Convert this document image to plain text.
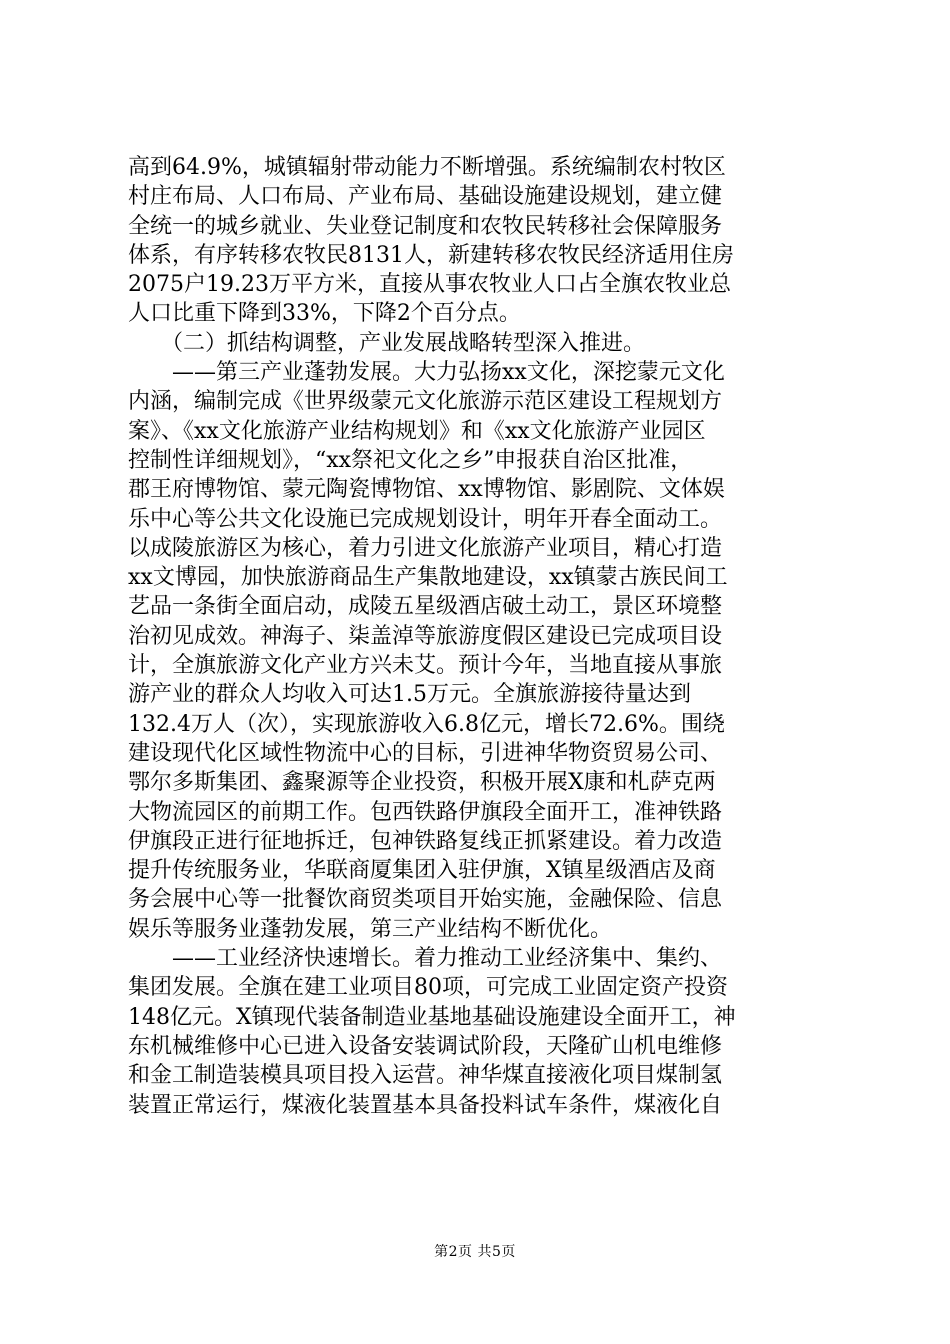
高到64.9%，城镇辐射带动能力不断增强。系统编制农村牧区
村庄布局、人口布局、产业布局、基础设施建设规划，建立健
全统一的城乡就业、失业登记制度和农牧民转移社会保障服务
体系，有序转移农牧民8131人，新建转移农牧民经济适用住房
2075户19.23万平方米，直接从事农牧业人口占全旗农牧业总
人口比重下降到33%，下降2个百分点。
　　（二）抓结构调整，产业发展战略转型深入推进。
　　——第三产业蓬勃发展。大力弘扬xx文化，深挖蒙元文化
内涵，编制完成《世界级蒙元文化旅游示范区建设工程规划方
案》、《xx文化旅游产业结构规划》和《xx文化旅游产业园区
控制性详细规划》，“xx祭祀文化之乡”申报获自治区批准，
郡王府博物馆、蒙元陶瓷博物馆、xx博物馆、影剧院、文体娱
乐中心等公共文化设施已完成规划设计，明年开春全面动工。
以成陵旅游区为核心，着力引进文化旅游产业项目，精心打造
xx文博园，加快旅游商品生产集散地建设，xx镇蒙古族民间工
艺品一条街全面启动，成陵五星级酒店破土动工，景区环境整
治初见成效。神海子、柒盖淖等旅游度假区建设已完成项目设
计，全旗旅游文化产业方兴未艾。预计今年，当地直接从事旅
游产业的群众人均收入可达1.5万元。全旗旅游接待量达到
132.4万人（次），实现旅游收入6.8亿元，增长72.6%。围绕
建设现代化区域性物流中心的目标，引进神华物资贸易公司、
鄂尔多斯集团、鑫聚源等企业投资，积极开展X康和札萨克两
大物流园区的前期工作。包西铁路伊旗段全面开工，准神铁路
伊旗段正进行征地拆迁，包神铁路复线正抓紧建设。着力改造
提升传统服务业，华联商厦集团入驻伊旗，X镇星级酒店及商
务会展中心等一批餐饮商贸类项目开始实施，金融保险、信息
娱乐等服务业蓬勃发展，第三产业结构不断优化。
　　——工业经济快速增长。着力推动工业经济集中、集约、
集团发展。全旗在建工业项目80项，可完成工业固定资产投资
148亿元。X镇现代装备制造业基地基础设施建设全面开工，神
东机械维修中心已进入设备安装调试阶段，天隆矿山机电维修
和金工制造装模具项目投入运营。神华煤直接液化项目煤制氢
装置正常运行，煤液化装置基本具备投料试车条件，煤液化自
第2页 共5页
